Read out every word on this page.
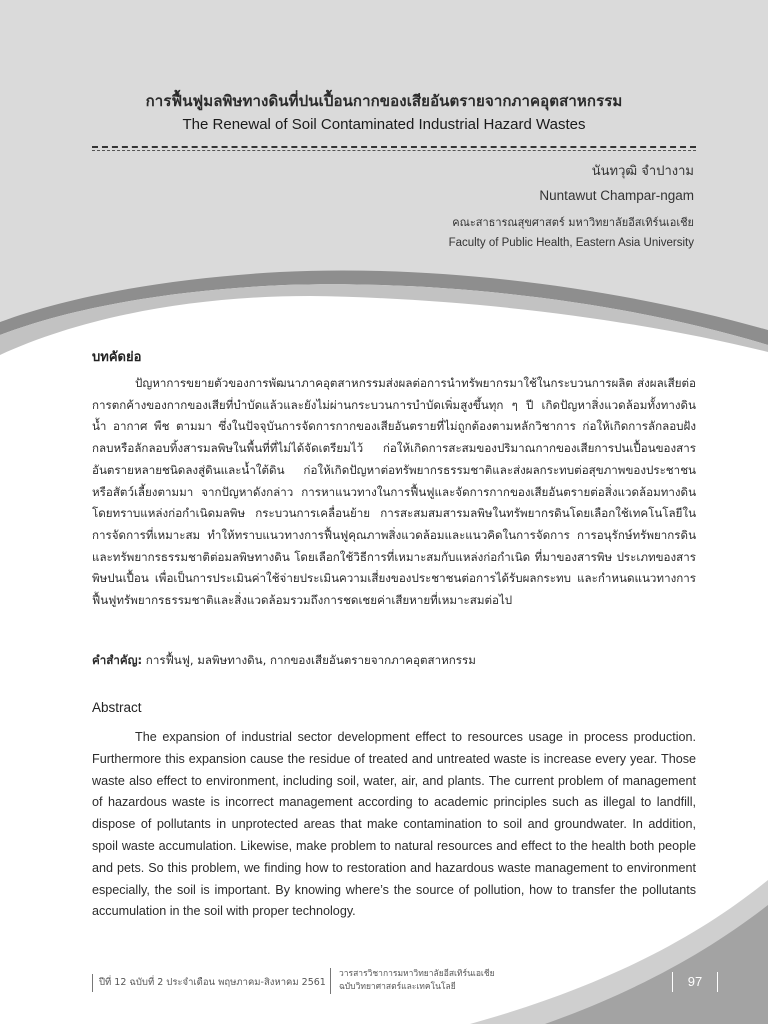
การฟื้นฟูมลพิษทางดินที่ปนเปื้อนกากของเสียอันตรายจากภาคอุตสาหกรรม
The Renewal of Soil Contaminated Industrial Hazard Wastes
นันทวุฒิ จำปางาม
Nuntawut Champar-ngam
คณะสาธารณสุขศาสตร์ มหาวิทยาลัยอีสเทิร์นเอเชีย
Faculty of Public Health, Eastern Asia University
บทคัดย่อ

ปัญหาการขยายตัวของการพัฒนาภาคอุตสาหกรรมส่งผลต่อการนำทรัพยากรมาใช้ในกระบวนการผลิต ส่งผลเสียต่อการตกค้างของกากของเสียที่บำบัดแล้วและยังไม่ผ่านกระบวนการบำบัดเพิ่มสูงขึ้นทุก ๆ ปี เกิดปัญหาสิ่งแวดล้อมทั้งทางดิน น้ำ อากาศ พืช ตามมา ซึ่งในปัจจุบันการจัดการกากของเสียอันตรายที่ไม่ถูกต้องตามหลักวิชาการ ก่อให้เกิดการลักลอบฝังกลบหรือลักลอบทิ้งสารมลพิษในพื้นที่ที่ไม่ได้จัดเตรียมไว้ ก่อให้เกิดการสะสมของปริมาณกากของเสียการปนเปื้อนของสารอันตรายหลายชนิดลงสู่ดินและน้ำใต้ดิน ก่อให้เกิดปัญหาต่อทรัพยากรธรรมชาติและส่งผลกระทบต่อสุขภาพของประชาชนหรือสัตว์เลี้ยงตามมา จากปัญหาดังกล่าว การหาแนวทางในการฟื้นฟูและจัดการกากของเสียอันตรายต่อสิ่งแวดล้อมทางดิน โดยทราบแหล่งก่อกำเนิดมลพิษ กระบวนการเคลื่อนย้าย การสะสมสมสารมลพิษในทรัพยากรดินโดยเลือกใช้เทคโนโลยีในการจัดการที่เหมาะสม ทำให้ทราบแนวทางการฟื้นฟูคุณภาพสิ่งแวดล้อมและแนวคิดในการจัดการ การอนุรักษ์ทรัพยากรดินและทรัพยากรธรรมชาติต่อมลพิษทางดิน โดยเลือกใช้วิธีการที่เหมาะสมกับแหล่งก่อกำเนิด ที่มาของสารพิษ ประเภทของสารพิษปนเปื้อน เพื่อเป็นการประเมินค่าใช้จ่ายประเมินความเสี่ยงของประชาชนต่อการได้รับผลกระทบ และกำหนดแนวทางการฟื้นฟูทรัพยากรธรรมชาติและสิ่งแวดล้อมรวมถึงการชดเชยค่าเสียหายที่เหมาะสมต่อไป

คำสำคัญ: การฟื้นฟู, มลพิษทางดิน, กากของเสียอันตรายจากภาคอุตสาหกรรม
Abstract

The expansion of industrial sector development effect to resources usage in process production. Furthermore this expansion cause the residue of treated and untreated waste is increase every year. Those waste also effect to environment, including soil, water, air, and plants. The current problem of management of hazardous waste is incorrect management according to academic principles such as illegal to landfill, dispose of pollutants in unprotected areas that make contamination to soil and groundwater. In addition, spoil waste accumulation. Likewise, make problem to natural resources and effect to the health both people and pets. So this problem, we finding how to restoration and hazardous waste management to environment especially, the soil is important. By knowing where’s the source of pollution, how to transfer the pollutants accumulation in the soil with proper technology.

ปีที่ 12 ฉบับที่ 2 ประจำเดือน พฤษภาคม-สิงหาคม 2561
วารสารวิชาการมหาวิทยาลัยอีสเทิร์นเอเชีย
ฉบับวิทยาศาสตร์และเทคโนโลยี	97
